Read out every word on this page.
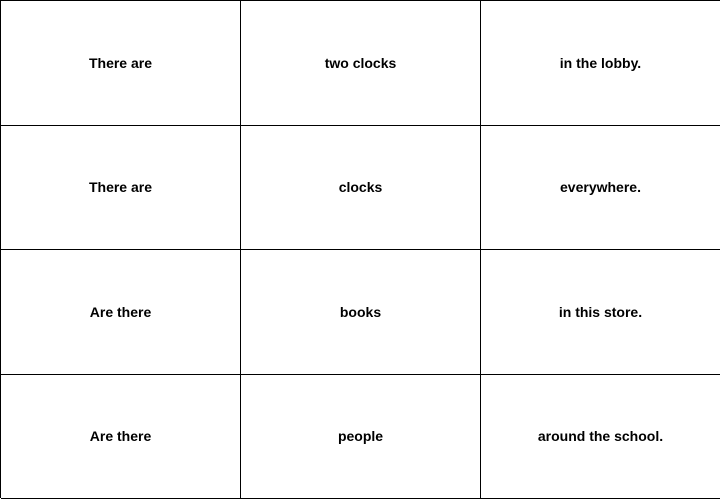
There are	two clocks	in the lobby.
There are	clocks	everywhere.
Are there	books	in this store.
Are there	people	around the school.
